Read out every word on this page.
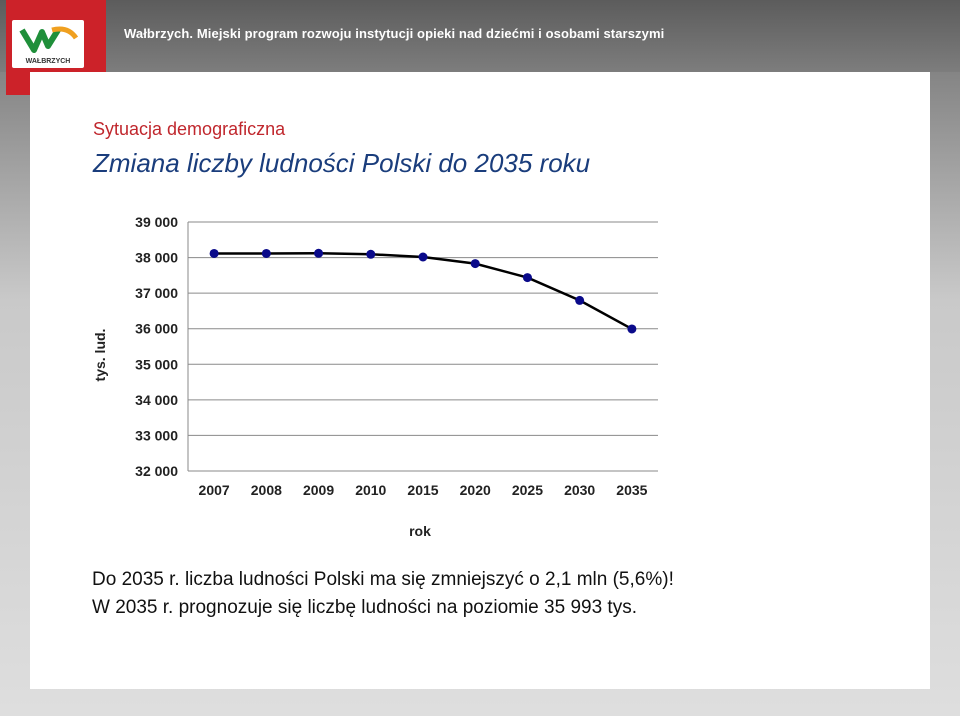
Wałbrzych. Miejski program rozwoju instytucji opieki nad dziećmi i osobami starszymi
WAŁBRZYCH
Sytuacja demograficzna
Zmiana liczby ludności Polski do 2035 roku
32 000
33 000
34 000
35 000
36 000
37 000
38 000
39 000
2007 2008 2009 2010 2015 2020 2025 2030 2035
tys. lud.
rok
Do 2035 r. liczba ludności Polski ma się zmniejszyć o 2,1 mln (5,6%)!
W 2035 r. prognozuje się liczbę ludności na poziomie 35 993 tys.
